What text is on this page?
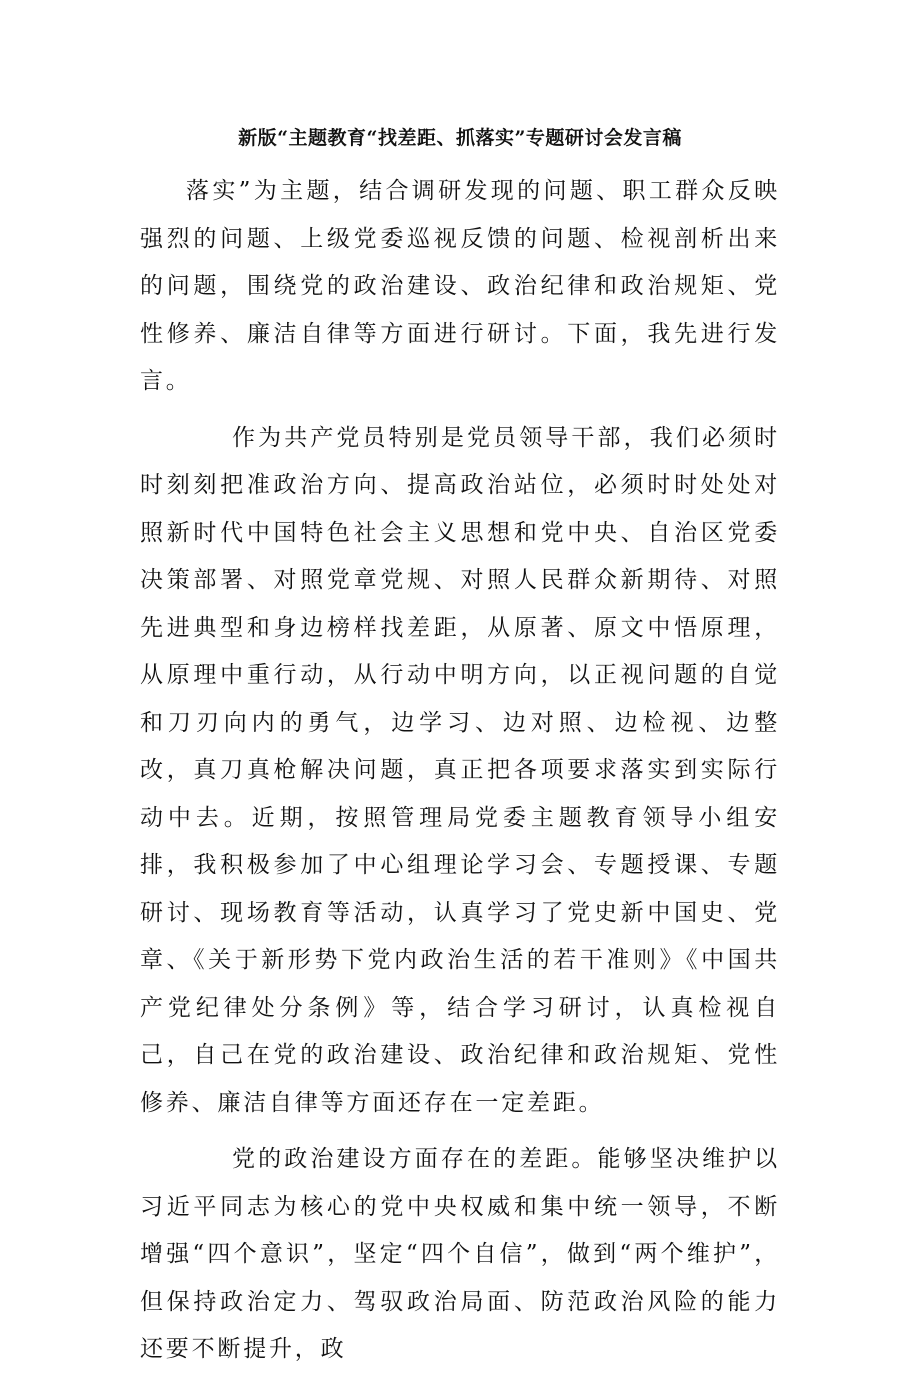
新版“主题教育“找差距、抓落实”专题研讨会发言稿

落实”为主题，结合调研发现的问题、职工群众反映强烈的问题、上级党委巡视反馈的问题、检视剖析出来的问题，围绕党的政治建设、政治纪律和政治规矩、党性修养、廉洁自律等方面进行研讨。下面，我先进行发言。

作为共产党员特别是党员领导干部，我们必须时时刻刻把准政治方向、提高政治站位，必须时时处处对照新时代中国特色社会主义思想和党中央、自治区党委决策部署、对照党章党规、对照人民群众新期待、对照先进典型和身边榜样找差距，从原著、原文中悟原理，从原理中重行动，从行动中明方向，以正视问题的自觉和刀刃向内的勇气，边学习、边对照、边检视、边整改，真刀真枪解决问题，真正把各项要求落实到实际行动中去。近期，按照管理局党委主题教育领导小组安排，我积极参加了中心组理论学习会、专题授课、专题研讨、现场教育等活动，认真学习了党史新中国史、党章、《关于新形势下党内政治生活的若干准则》《中国共产党纪律处分条例》等，结合学习研讨，认真检视自己，自己在党的政治建设、政治纪律和政治规矩、党性修养、廉洁自律等方面还存在一定差距。

党的政治建设方面存在的差距。能够坚决维护以习近平同志为核心的党中央权威和集中统一领导，不断增强“四个意识”，坚定“四个自信”，做到“两个维护”，但保持政治定力、驾驭政治局面、防范政治风险的能力还要不断提升，政
